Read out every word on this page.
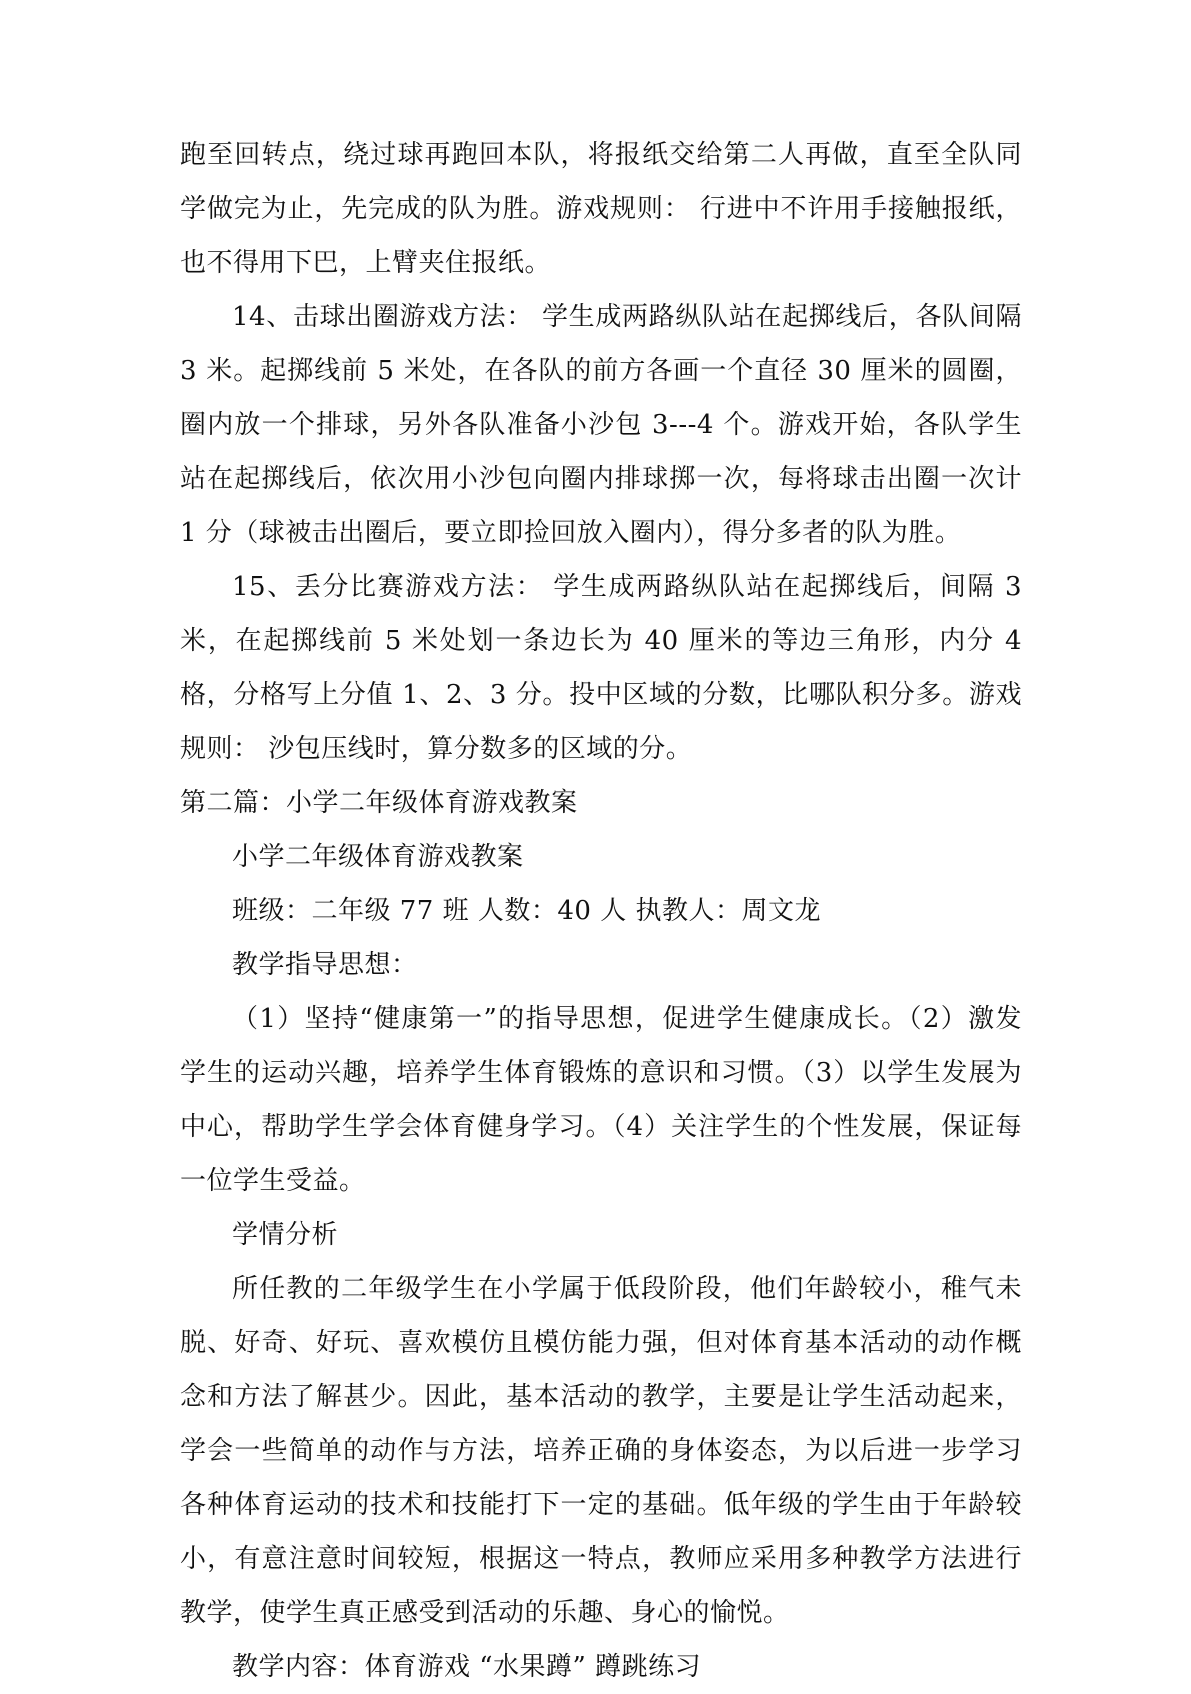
跑至回转点，绕过球再跑回本队，将报纸交给第二人再做，直至全队同学做完为止，先完成的队为胜。游戏规则： 行进中不许用手接触报纸，也不得用下巴，上臂夹住报纸。

14、击球出圈游戏方法： 学生成两路纵队站在起掷线后，各队间隔 3 米。起掷线前 5 米处，在各队的前方各画一个直径 30 厘米的圆圈，圈内放一个排球，另外各队准备小沙包 3---4 个。游戏开始，各队学生站在起掷线后，依次用小沙包向圈内排球掷一次，每将球击出圈一次计 1 分（球被击出圈后，要立即捡回放入圈内），得分多者的队为胜。

15、丢分比赛游戏方法： 学生成两路纵队站在起掷线后，间隔 3 米，在起掷线前 5 米处划一条边长为 40 厘米的等边三角形，内分 4 格，分格写上分值 1、2、3 分。投中区域的分数，比哪队积分多。游戏规则： 沙包压线时，算分数多的区域的分。

第二篇：小学二年级体育游戏教案

小学二年级体育游戏教案

班级：二年级 77 班 人数：40 人 执教人：周文龙

教学指导思想：

（1）坚持“健康第一”的指导思想，促进学生健康成长。（2）激发学生的运动兴趣，培养学生体育锻炼的意识和习惯。（3）以学生发展为中心，帮助学生学会体育健身学习。（4）关注学生的个性发展，保证每一位学生受益。

学情分析

所任教的二年级学生在小学属于低段阶段，他们年龄较小，稚气未脱、好奇、好玩、喜欢模仿且模仿能力强，但对体育基本活动的动作概念和方法了解甚少。因此，基本活动的教学，主要是让学生活动起来，学会一些简单的动作与方法，培养正确的身体姿态，为以后进一步学习各种体育运动的技术和技能打下一定的基础。低年级的学生由于年龄较小，有意注意时间较短，根据这一特点，教师应采用多种教学方法进行教学，使学生真正感受到活动的乐趣、身心的愉悦。

教学内容：体育游戏 “水果蹲” 蹲跳练习
